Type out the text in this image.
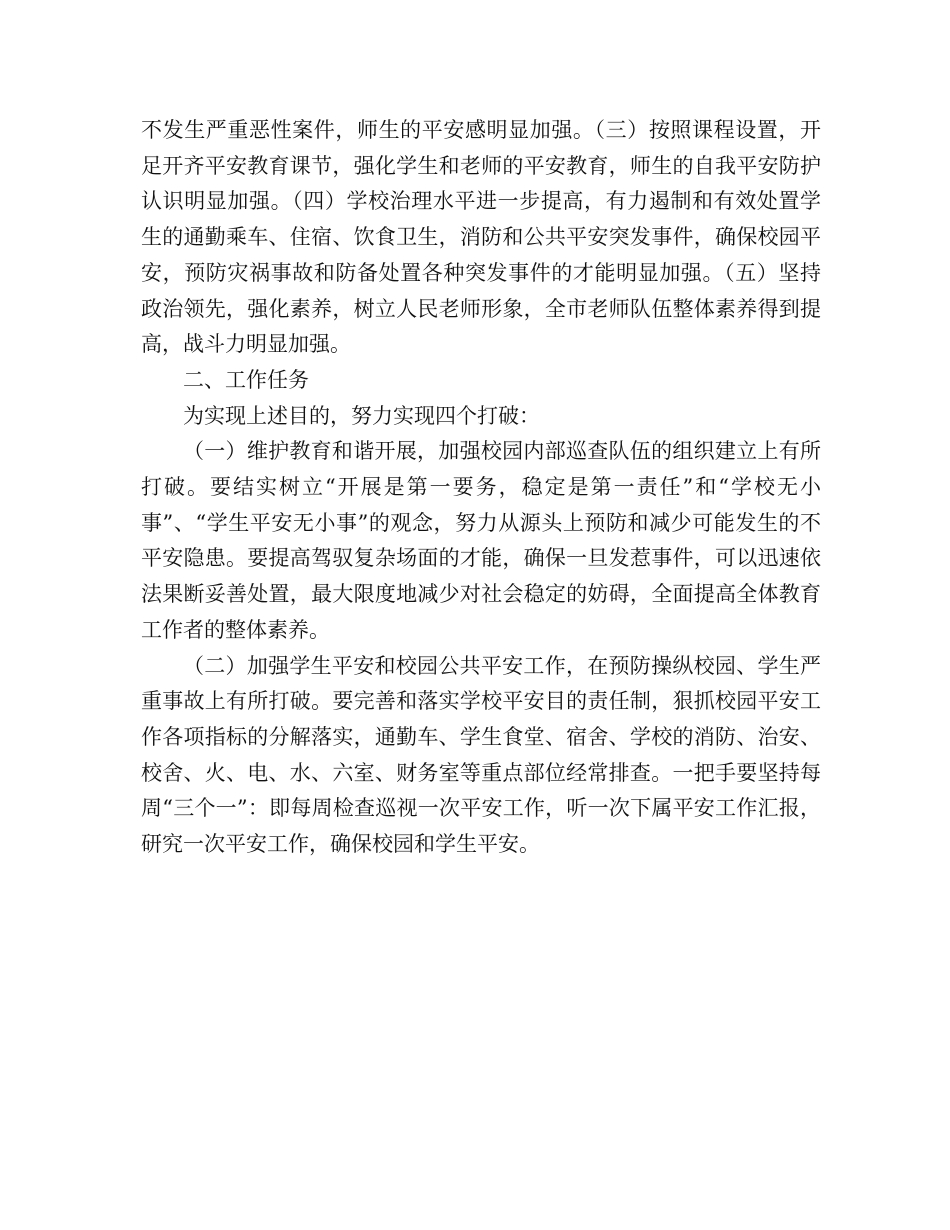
不发生严重恶性案件，师生的平安感明显加强。（三）按照课程设置，开足开齐平安教育课节，强化学生和老师的平安教育，师生的自我平安防护认识明显加强。（四）学校治理水平进一步提高，有力遏制和有效处置学生的通勤乘车、住宿、饮食卫生，消防和公共平安突发事件，确保校园平安，预防灾祸事故和防备处置各种突发事件的才能明显加强。（五）坚持政治领先，强化素养，树立人民老师形象，全市老师队伍整体素养得到提高，战斗力明显加强。

二、工作任务

为实现上述目的，努力实现四个打破：

（一）维护教育和谐开展，加强校园内部巡查队伍的组织建立上有所打破。要结实树立“开展是第一要务，稳定是第一责任”和“学校无小事”、“学生平安无小事”的观念，努力从源头上预防和减少可能发生的不平安隐患。要提高驾驭复杂场面的才能，确保一旦发惹事件，可以迅速依法果断妥善处置，最大限度地减少对社会稳定的妨碍，全面提高全体教育工作者的整体素养。

（二）加强学生平安和校园公共平安工作，在预防操纵校园、学生严重事故上有所打破。要完善和落实学校平安目的责任制，狠抓校园平安工作各项指标的分解落实，通勤车、学生食堂、宿舍、学校的消防、治安、校舍、火、电、水、六室、财务室等重点部位经常排查。一把手要坚持每周“三个一”：即每周检查巡视一次平安工作，听一次下属平安工作汇报，研究一次平安工作，确保校园和学生平安。
